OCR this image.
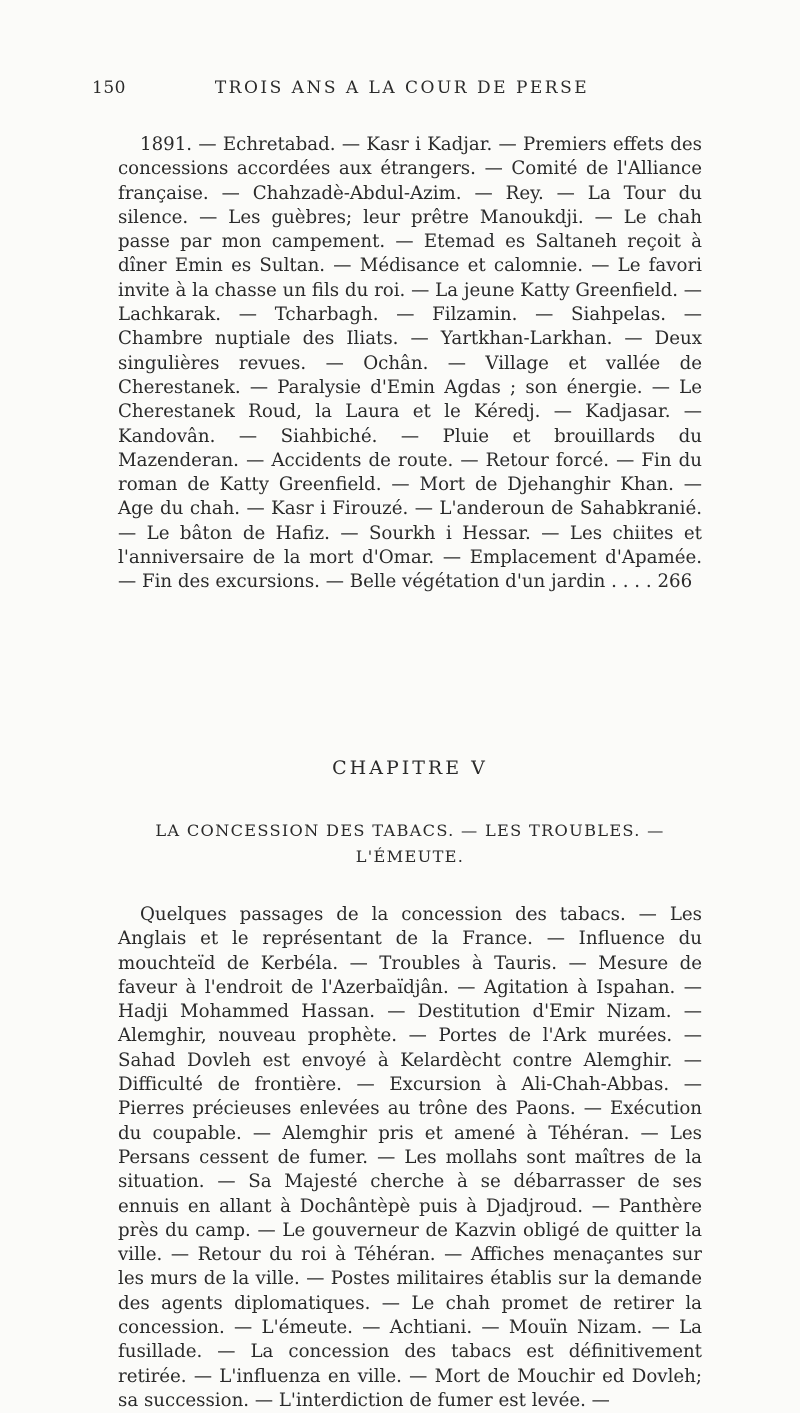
150	TROIS ANS A LA COUR DE PERSE
1891. — Echretabad. — Kasr i Kadjar. — Premiers effets des concessions accordées aux étrangers. — Comité de l'Alliance française. — Chahzadè-Abdul-Azim. — Rey. — La Tour du silence. — Les guèbres; leur prêtre Manoukdji. — Le chah passe par mon campement. — Etemad es Saltaneh reçoit à dîner Emin es Sultan. — Médisance et calomnie. — Le favori invite à la chasse un fils du roi. — La jeune Katty Greenfield. — Lachkarak. — Tcharbagh. — Filzamin. — Siahpelas. — Chambre nuptiale des Iliats. — Yartkhan-Larkhan. — Deux singulières revues. — Ochân. — Village et vallée de Cherestanek. — Paralysie d'Emin Agdas ; son énergie. — Le Cherestanek Roud, la Laura et le Kéredj. — Kadjasar. — Kandovân. — Siahbiché. — Pluie et brouillards du Mazenderan. — Accidents de route. — Retour forcé. — Fin du roman de Katty Greenfield. — Mort de Djehanghir Khan. — Age du chah. — Kasr i Firouzé. — L'anderoun de Sahabkranié. — Le bâton de Hafiz. — Sourkh i Hessar. — Les chiites et l'anniversaire de la mort d'Omar. — Emplacement d'Apamée. — Fin des excursions. — Belle végétation d'un jardin . . . . 266
CHAPITRE V
LA CONCESSION DES TABACS. — LES TROUBLES. —
L'ÉMEUTE.
Quelques passages de la concession des tabacs. — Les Anglais et le représentant de la France. — Influence du mouchteïd de Kerbéla. — Troubles à Tauris. — Mesure de faveur à l'endroit de l'Azerbaïdjân. — Agitation à Ispahan. — Hadji Mohammed Hassan. — Destitution d'Emir Nizam. — Alemghir, nouveau prophète. — Portes de l'Ark murées. — Sahad Dovleh est envoyé à Kelardècht contre Alemghir. — Difficulté de frontière. — Excursion à Ali-Chah-Abbas. — Pierres précieuses enlevées au trône des Paons. — Exécution du coupable. — Alemghir pris et amené à Téhéran. — Les Persans cessent de fumer. — Les mollahs sont maîtres de la situation. — Sa Majesté cherche à se débarrasser de ses ennuis en allant à Dochântèpè puis à Djadjroud. — Panthère près du camp. — Le gouverneur de Kazvin obligé de quitter la ville. — Retour du roi à Téhéran. — Affiches menaçantes sur les murs de la ville. — Postes militaires établis sur la demande des agents diplomatiques. — Le chah promet de retirer la concession. — L'émeute. — Achtiani. — Mouïn Nizam. — La fusillade. — La concession des tabacs est définitivement retirée. — L'influenza en ville. — Mort de Mouchir ed Dovleh; sa succession. — L'interdiction de fumer est levée. —
